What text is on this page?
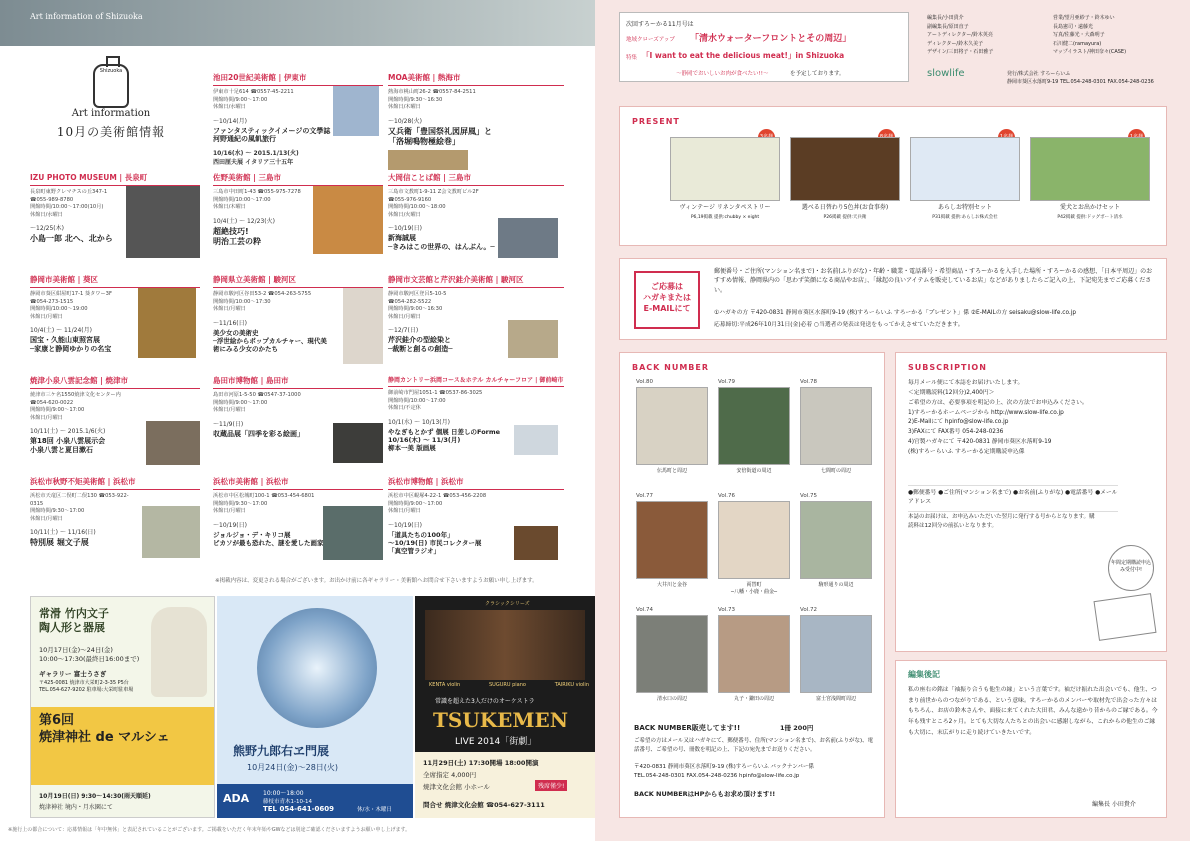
Art information of Shizuoka
Shizuoka
Art information
10月の美術館情報
池田20世紀美術館 | 伊東市
伊東市十足614 ☎0557-45-2211
開館時間/9:00〜17:00
休館日/水曜日
〜10/14(月)
ファンタスティックイメージの文學誌
河野通紀の風飢旅行
10/16(水) 〜 2015.1/13(火)
西田厘夫展 イタリア三十五年
MOA美術館 | 熱海市
熱海市桃山町26-2 ☎0557-84-2511
開館時間/9:30〜16:30
休館日/木曜日
〜10/28(火)
又兵衛「豊国祭礼図屏風」と
「洛堀鳴物極絵巻」
IZU PHOTO MUSEUM | 長泉町
長泉町東野クレマチスの丘347-1
☎055-989-8780
開館時間/10:00〜17:00(10月)
休館日/水曜日
〜12/25(木)
小島一郎 北へ、北から
佐野美術館 | 三島市
三島市中田町1-43 ☎055-975-7278
開館時間/10:00〜17:00
休館日/木曜日
10/4(土) 〜 12/23(火)
超絶技巧!
明治工芸の粋
大岡信ことば館 | 三島市
三島市文教町1-9-11 Z会文教町ビル2F
☎055-976-9160
開館時間/10:00〜18:00
休館日/火曜日
〜10/19(日)
新海誠展
─きみはこの世界の、はんぶん。─
静岡市美術館 | 葵区
静岡市葵区紺屋町17-1 葵タワー3F
☎054-273-1515
開館時間/10:00〜19:00
休館日/月曜日
10/4(土) 〜 11/24(月)
国宝・久能山東照宮展
─家康と静岡ゆかりの名宝
静岡県立美術館 | 駿河区
静岡市駿河区谷田53-2 ☎054-263-5755
開館時間/10:00〜17:30
休館日/月曜日
〜11/16(日)
美少女の美術史
─浮世絵からポップカルチャー、現代美術にみる少女のかたち
静岡市文芸館と芹沢銈介美術館 | 駿河区
静岡市駿河区登呂5-10-5
☎054-282-5522
開館時間/9:00〜16:30
休館日/月曜日
〜12/7(日)
芹沢銈介の型絵染と
─裁断と創るの創造─
焼津小泉八雲記念館 | 焼津市
焼津市三ケ名1550焼津文化センター内
☎054-620-0022
開館時間/9:00〜17:00
休館日/月曜日
10/11(土) 〜 2015.1/6(火)
第18回 小泉八雲展示会
小泉八雲と夏目漱石
島田市博物館 | 島田市
島田市河原1-5-50 ☎0547-37-1000
開館時間/9:00〜17:00
休館日/月曜日
〜11/9(日)
収蔵品展「四季を彩る絵画」
静岡カントリー浜岡コース＆ホテル カルチャーフロア | 御前崎市
御前崎市門屋1051-1 ☎0537-86-3025
開館時間/10:00〜17:00
休館日/不定休
10/1(水) 〜 10/13(月)
やなぎもとかず 個展 日差しのForme
10/16(木) 〜 11/3(月)
柳本一美 版画展
浜松市秋野不矩美術館 | 浜松市
浜松市天竜区二俣町二俣130 ☎053-922-0315
開館時間/9:30〜17:00
休館日/月曜日
10/11(土) 〜 11/16(日)
特別展 堀文子展
浜松市美術館 | 浜松市
浜松市中区松城町100-1 ☎053-454-6801
開館時間/9:30〜17:00
休館日/月曜日
〜10/19(日)
ジョルジョ・デ・キリコ展
ピカソが最も恐れた、謎を愛した画家
浜松市博物館 | 浜松市
浜松市中区蜆塚4-22-1 ☎053-456-2208
開館時間/9:00〜17:00
休館日/月曜日
〜10/19(日)
「道具たちの100年」
〜10/19(日) 市民コレクター展
「真空管ラジオ」
※掲載内容は、変更される場合がございます。お出かけ前に各ギャラリー・美術館へお問合せ下さいますようお願い申し上げます。
常滑 竹内文子
陶人形と器展
10月17日(金)〜24日(金)
10:00〜17:30(最終日16:00まで)
ギャラリー 富士うさぎ
〒425-0081 焼津市大栄町2-3-35 P5台
TEL.054-627-9202 駐車場:大栄町駐車場
第6回
焼津神社 de マルシェ
10月19日(日) 9:30〜14:30(雨天順延)
焼津神社 境内・月水園にて
熊野九郎右ヱ門展
10月24日(金)〜28日(火)
ADA 10:00〜18:00
藤枝市青木1-10-14
TEL 054-641-0609	休/水・木曜日
クラシックシリーズ
KENTA violin	SUGURU piano	TAIRIKU violin
常識を超えた3人だけのオーケストラ
TSUKEMEN
LIVE 2014「街劇」
11月29日(土) 17:30開場 18:00開演
全席指定 4,000円
焼津文化会館 小ホール	残席僅少!
問合せ 焼津文化会館 ☎054-627-3111
※施行上の都合について：応募情報は「年中無休」と表記されていることがございます。ご掲載をいただく年末年始やGWなどは別途ご確認くださいますようお願い申し上げます。
次回すろーかる11月号は
地域クローズアップ 「清水ウォーターフロントとその周辺」
特集 「I want to eat the delicious meat!」in Shizuoka
〜静岡でおいしいお肉が食べたい!!〜	を予定しております。
編集長/小田貴介
副編集長/原田直子
アートディレクター/鈴木英亮
ディレクター/鈴木久美子
デザイン/三田将子・石田雅子
営業/望月亜紗子・鈴木ゆい
長島憲司・遠藤光
写真/佐藤光・大森明子
石川健二(ramayura)
マップイラスト/神田奈々(CASE)
slowlife	発行/株式会社 すろーらいふ
静岡市葵区水落町9-19 TEL.054-248-0301 FAX.054-248-0236
PRESENT
ヴィンテージ リネンタペストリー
P6,19掲載 提供:chubby × eight
選べる日替わり5色丼(お食事券)
P26掲載 提供:天兵衛
あらしお特別セット
P31掲載 提供:あらしお株式会社
愛犬とお出かけセット
P42掲載 提供:ドッグポート清水
ご応募は
ハガキまたは
E-MAILにて
郵便番号・ご住所(マンション名まで)・お名前(ふりがな)・年齢・職業・電話番号・希望商品・すろーかるを入手した場所・すろーかるの感想、「日本平周辺」のおすすめ情報、静岡県内の「思わず笑顔になる商品やお店」、「縁起の良いアイテムを販売しているお店」などがありましたらご記入の上、下記宛先までご応募ください。
①ハガキの方 〒420-0831 静岡市葵区水落町9-19 (株)すろーらいふ すろーかる「プレゼント」係 ②E-MAILの方 seisaku@slow-life.co.jp
応募締切:平成26年10月31日(金)必着 ○当選者の発表は発送をもってかえさせていただきます。
BACK NUMBER
Vol.80
伝馬町と周辺
Vol.79
安倍街道の周辺
Vol.78
七間町の周辺
Vol.77
大井川と金谷
Vol.76
両替町
─八幡・小鹿・曲金─
Vol.75
駒形通りの周辺
Vol.74
清水口の周辺
Vol.73
丸子・鎌田の周辺
Vol.72
富士宮浅間町周辺
BACK NUMBER販売してます!!	1冊 200円
ご希望の方はメール又はハガキにて、郵便番号、住所(マンション名まで)、お名前(ふりがな)、電話番号、ご希望の号、冊数を明記の上、下記の宛先までお送りください。
〒420-0831 静岡市葵区水落町9-19 (株)すろーらいふ バックナンバー係
TEL.054-248-0301 FAX.054-248-0236 hpinfo@slow-life.co.jp
BACK NUMBERはHPからもお求め頂けます!!
SUBSCRIPTION
毎月メール便にて本誌をお届けいたします。
＜定期購読料(12回分)2,400円＞
ご希望の方は、必要事項を明記の上、次の方法でお申込みください。
1)すろーかるホームページから http://www.slow-life.co.jp
2)E-Mailにて hpinfo@slow-life.co.jp
3)FAXにて FAX番号 054-248-0236
4)官製ハガキにて 〒420-0831 静岡市葵区水落町9-19
(株)すろーらいふ すろーかる定期購読申込係
●郵便番号 ●ご住所(マンション名まで) ●お名前(ふりがな) ●電話番号 ●メールアドレス
本誌のお届けは、お申込みいただいた翌月に発行する号からとなります。購読料は12回分の前払いとなります。
年間定期購読申込み受付中!
編集後記
私の座右の銘は「袖振り合うも他生の縁」という言葉です。袖だけ振れた出会いでも、他生、つまり前世からのつながりである、という意味。すろーかるのメンバーや取材先で出会った方々はもちろん、お店の鈴木さんや、面接に来てくれた大田君、みんな遠かり昔からのご縁である。今年も残すところ2ヶ月。とても大切な人たちとの出会いに感謝しながら、これからの他生のご縁も大切に、末広がりに走り続けていきたいです。
編集長 小田貴介
